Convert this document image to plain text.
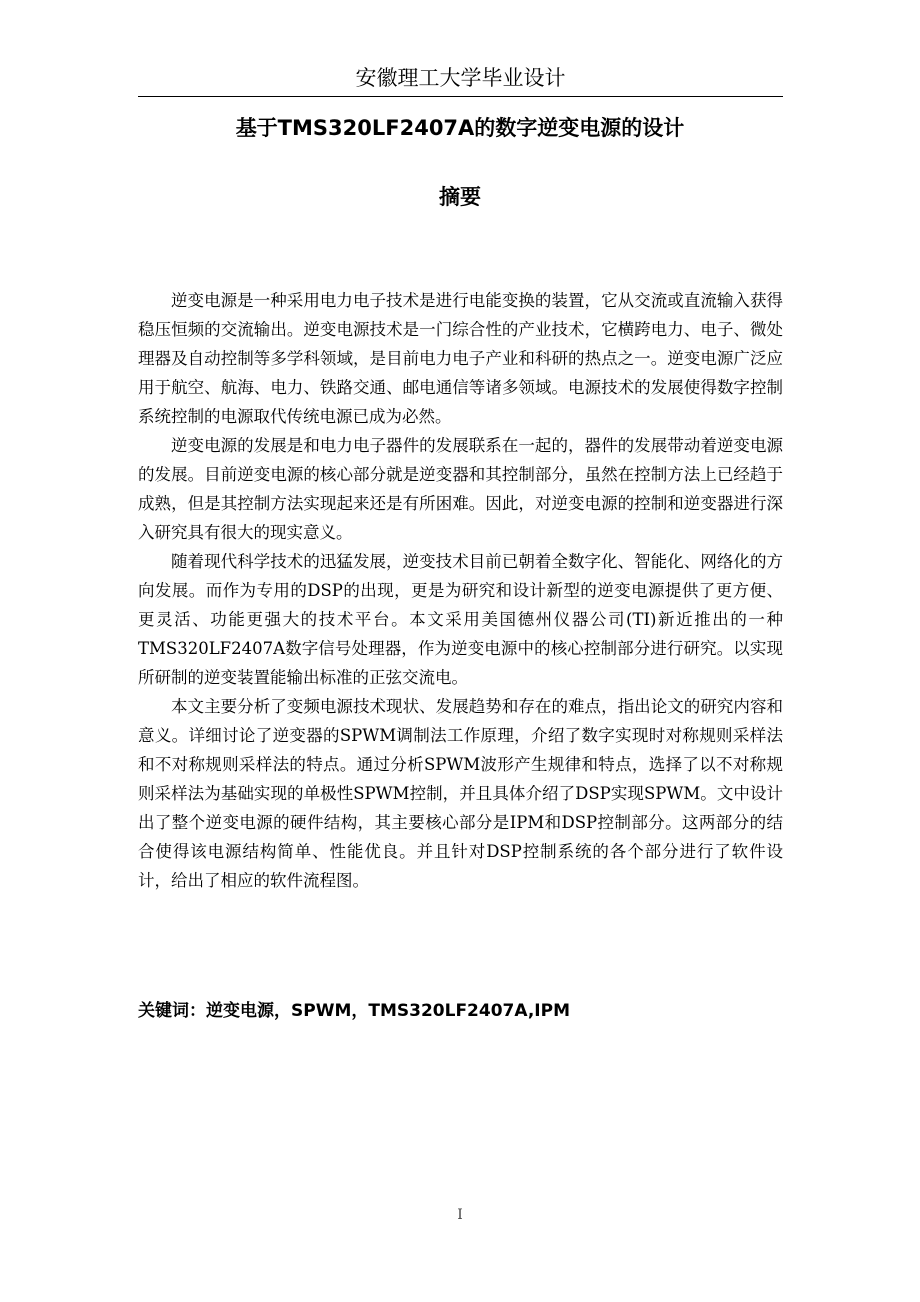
安徽理工大学毕业设计
基于TMS320LF2407A的数字逆变电源的设计
摘要

逆变电源是一种采用电力电子技术是进行电能变换的装置，它从交流或直流输入获得稳压恒频的交流输出。逆变电源技术是一门综合性的产业技术，它横跨电力、电子、微处理器及自动控制等多学科领域，是目前电力电子产业和科研的热点之一。逆变电源广泛应用于航空、航海、电力、铁路交通、邮电通信等诸多领域。电源技术的发展使得数字控制系统控制的电源取代传统电源已成为必然。

逆变电源的发展是和电力电子器件的发展联系在一起的，器件的发展带动着逆变电源的发展。目前逆变电源的核心部分就是逆变器和其控制部分，虽然在控制方法上已经趋于成熟，但是其控制方法实现起来还是有所困难。因此，对逆变电源的控制和逆变器进行深入研究具有很大的现实意义。

随着现代科学技术的迅猛发展，逆变技术目前已朝着全数字化、智能化、网络化的方向发展。而作为专用的DSP的出现，更是为研究和设计新型的逆变电源提供了更方便、更灵活、功能更强大的技术平台。本文采用美国德州仪器公司(TI)新近推出的一种TMS320LF2407A数字信号处理器，作为逆变电源中的核心控制部分进行研究。以实现所研制的逆变装置能输出标准的正弦交流电。

本文主要分析了变频电源技术现状、发展趋势和存在的难点，指出论文的研究内容和意义。详细讨论了逆变器的SPWM调制法工作原理，介绍了数字实现时对称规则采样法和不对称规则采样法的特点。通过分析SPWM波形产生规律和特点，选择了以不对称规则采样法为基础实现的单极性SPWM控制，并且具体介绍了DSP实现SPWM。文中设计出了整个逆变电源的硬件结构，其主要核心部分是IPM和DSP控制部分。这两部分的结合使得该电源结构简单、性能优良。并且针对DSP控制系统的各个部分进行了软件设计，给出了相应的软件流程图。

关键词：逆变电源，SPWM，TMS320LF2407A,IPM
I
